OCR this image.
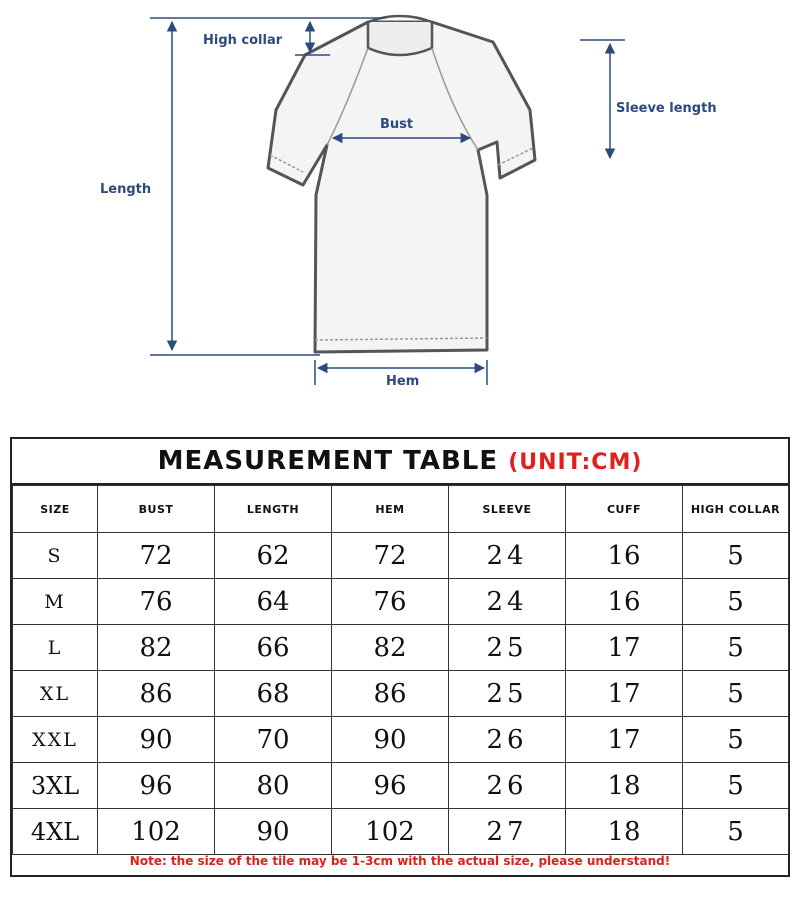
High collar
Sleeve length
Bust
Length
Hem
MEASUREMENT TABLE (UNIT:CM)
SIZE	BUST	LENGTH	HEM	SLEEVE	CUFF	HIGH COLLAR
S	72	62	72	24	16	5
M	76	64	76	24	16	5
L	82	66	82	25	17	5
XL	86	68	86	25	17	5
XXL	90	70	90	26	17	5
3XL	96	80	96	26	18	5
4XL	102	90	102	27	18	5
Note: the size of the tile may be 1-3cm with the actual size, please understand!
